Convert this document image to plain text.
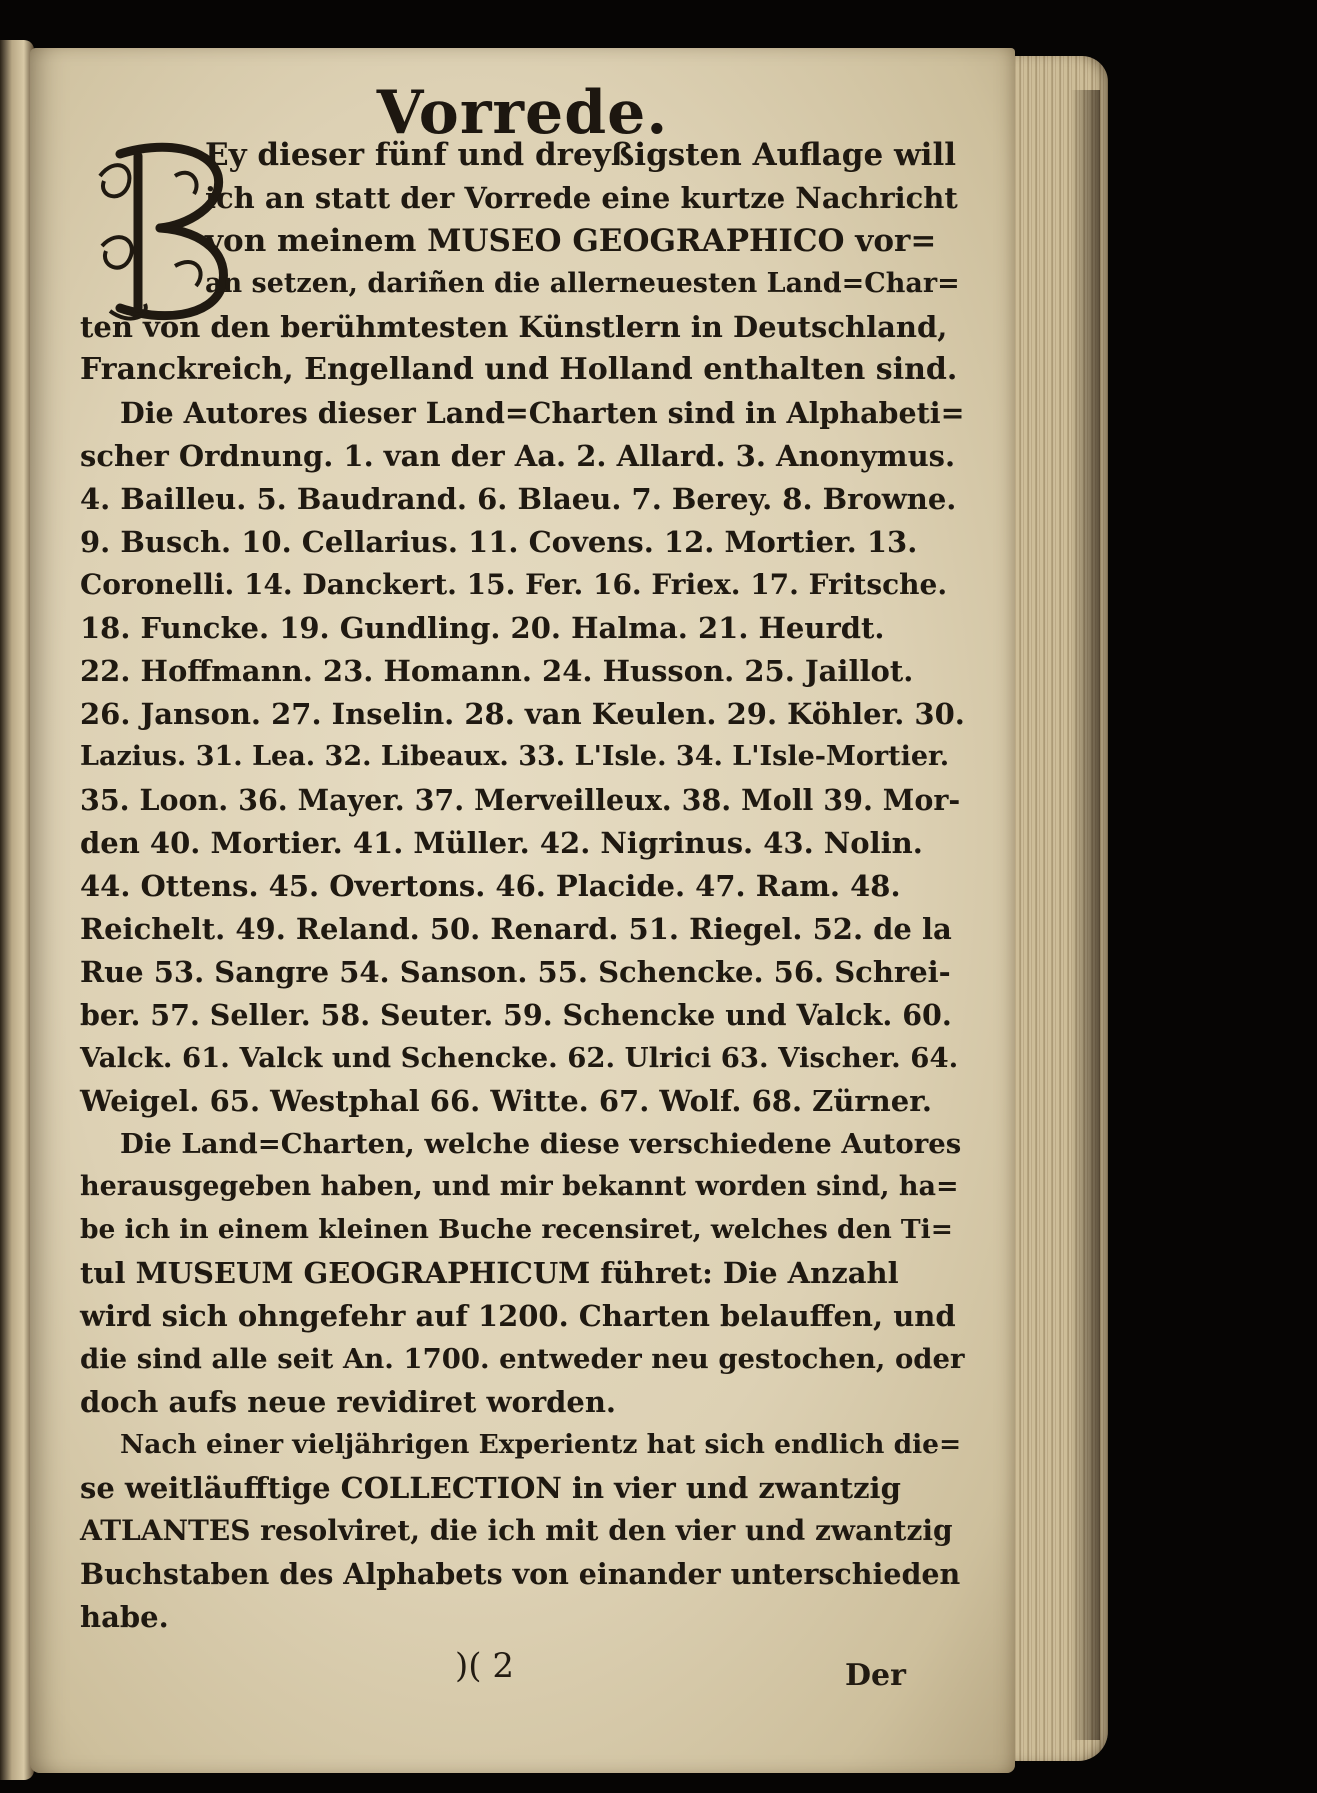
Vorrede.
Ey dieser fünf und dreyßigsten Auflage will
ich an statt der Vorrede eine kurtze Nachricht
von meinem MUSEO GEOGRAPHICO vor=
an setzen, dariñen die allerneuesten Land=Char=
ten von den berühmtesten Künstlern in Deutschland,
Franckreich, Engelland und Holland enthalten sind.
Die Autores dieser Land=Charten sind in Alphabeti=
scher Ordnung. 1. van der Aa. 2. Allard. 3. Anonymus.
4. Bailleu. 5. Baudrand. 6. Blaeu. 7. Berey. 8. Browne.
9. Busch. 10. Cellarius. 11. Covens. 12. Mortier. 13.
Coronelli. 14. Danckert. 15. Fer. 16. Friex. 17. Fritsche.
18. Funcke. 19. Gundling. 20. Halma. 21. Heurdt.
22. Hoffmann. 23. Homann. 24. Husson. 25. Jaillot.
26. Janson. 27. Inselin. 28. van Keulen. 29. Köhler. 30.
Lazius. 31. Lea. 32. Libeaux. 33. L'Isle. 34. L'Isle-Mortier.
35. Loon. 36. Mayer. 37. Merveilleux. 38. Moll 39. Mor-
den 40. Mortier. 41. Müller. 42. Nigrinus. 43. Nolin.
44. Ottens. 45. Overtons. 46. Placide. 47. Ram. 48.
Reichelt. 49. Reland. 50. Renard. 51. Riegel. 52. de la
Rue 53. Sangre 54. Sanson. 55. Schencke. 56. Schrei-
ber. 57. Seller. 58. Seuter. 59. Schencke und Valck. 60.
Valck. 61. Valck und Schencke. 62. Ulrici 63. Vischer. 64.
Weigel. 65. Westphal 66. Witte. 67. Wolf. 68. Zürner.
Die Land=Charten, welche diese verschiedene Autores
herausgegeben haben, und mir bekannt worden sind, ha=
be ich in einem kleinen Buche recensiret, welches den Ti=
tul MUSEUM GEOGRAPHICUM führet: Die Anzahl
wird sich ohngefehr auf 1200. Charten belauffen, und
die sind alle seit An. 1700. entweder neu gestochen, oder
doch aufs neue revidiret worden.
Nach einer vieljährigen Experientz hat sich endlich die=
se weitläufftige COLLECTION in vier und zwantzig
ATLANTES resolviret, die ich mit den vier und zwantzig
Buchstaben des Alphabets von einander unterschieden
habe.
)( 2	Der
